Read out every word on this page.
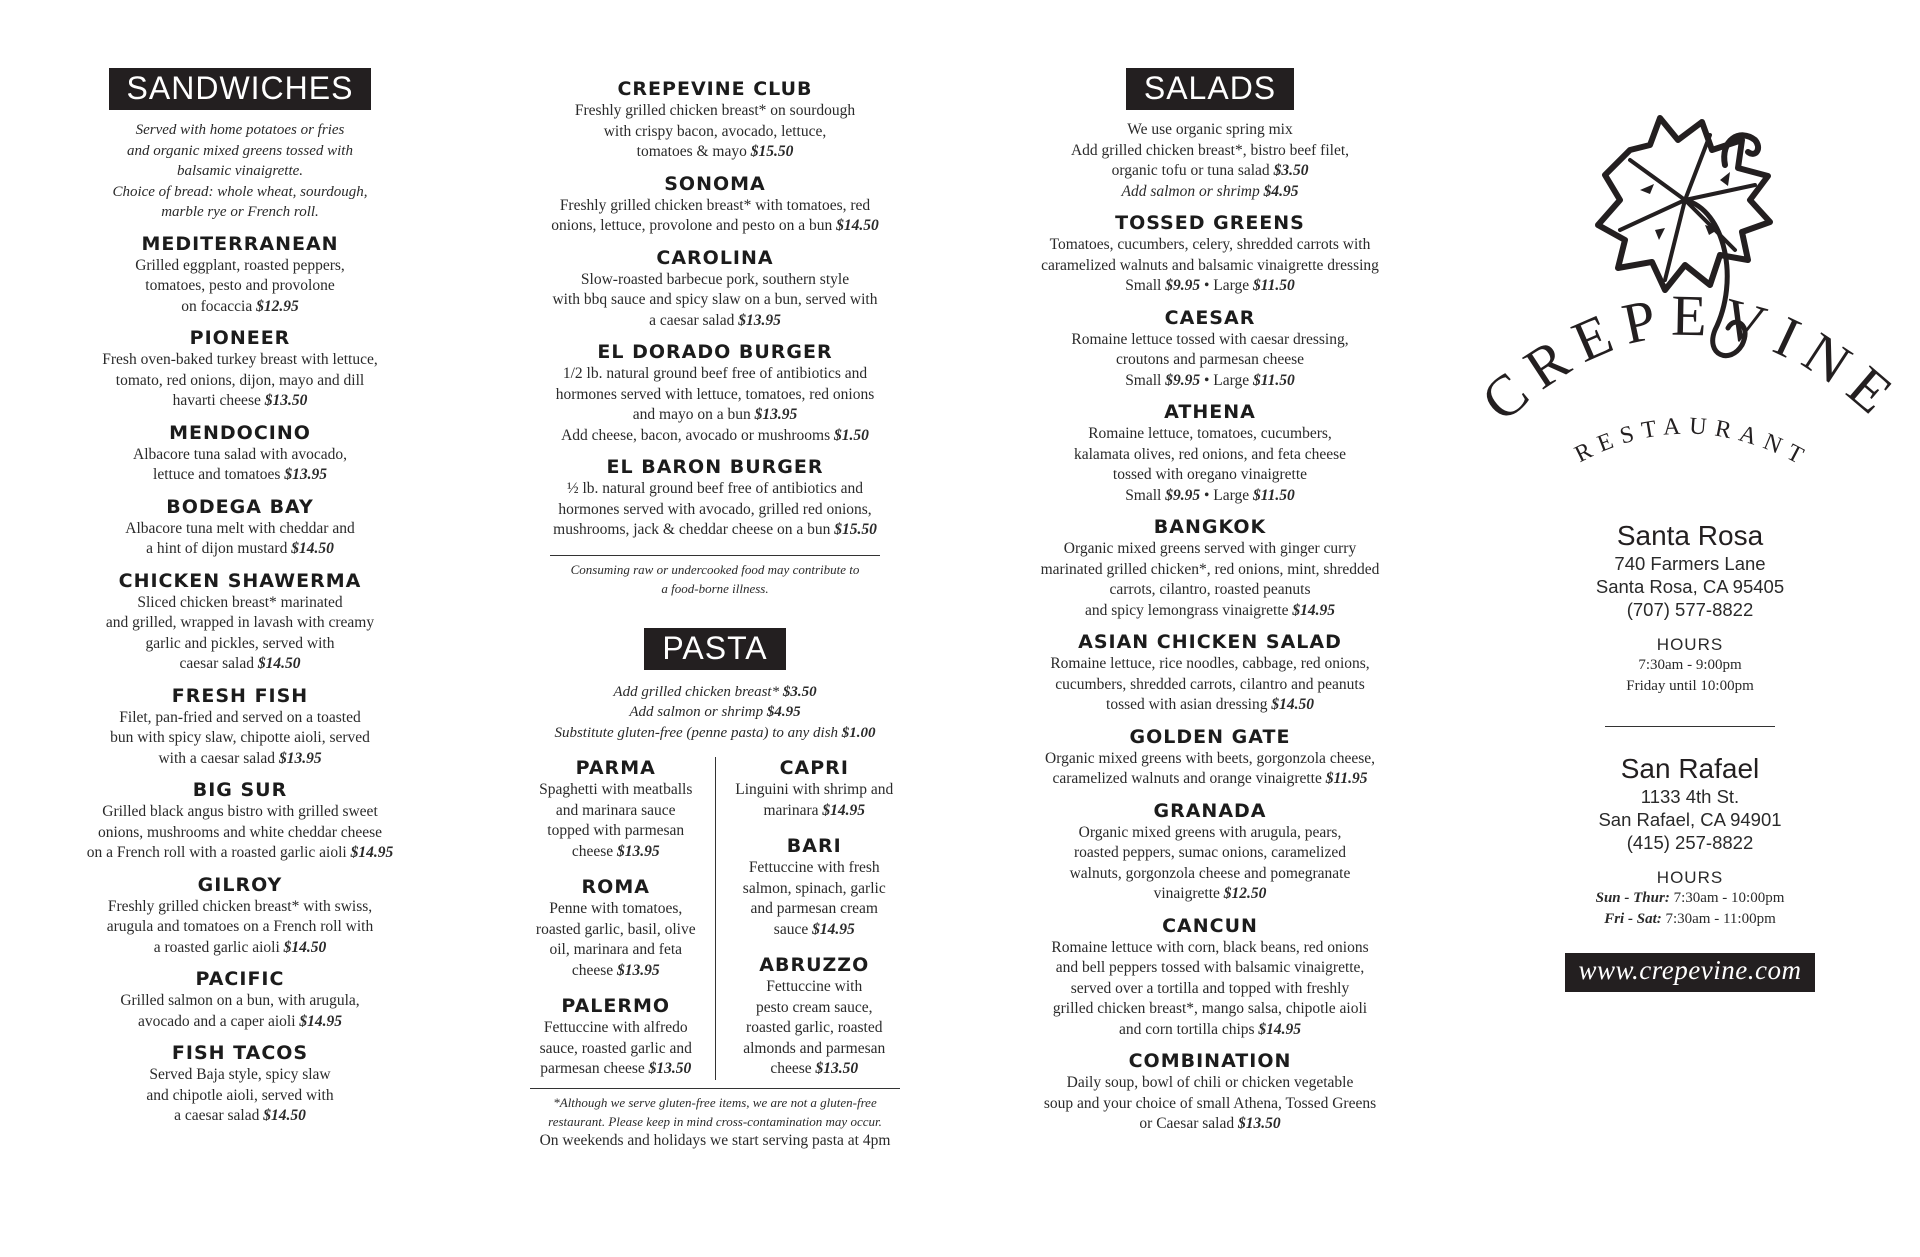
SANDWICHES
Served with home potatoes or fries
and organic mixed greens tossed with
balsamic vinaigrette.
Choice of bread: whole wheat, sourdough,
marble rye or French roll.
MEDITERRANEAN
Grilled eggplant, roasted peppers,
tomatoes, pesto and provolone
on focaccia $12.95
PIONEER
Fresh oven-baked turkey breast with lettuce,
tomato, red onions, dijon, mayo and dill
havarti cheese $13.50
MENDOCINO
Albacore tuna salad with avocado,
lettuce and tomatoes $13.95
BODEGA BAY
Albacore tuna melt with cheddar and
a hint of dijon mustard $14.50
CHICKEN SHAWERMA
Sliced chicken breast* marinated
and grilled, wrapped in lavash with creamy
garlic and pickles, served with
caesar salad $14.50
FRESH FISH
Filet, pan-fried and served on a toasted
bun with spicy slaw, chipotte aioli, served
with a caesar salad $13.95
BIG SUR
Grilled black angus bistro with grilled sweet
onions, mushrooms and white cheddar cheese
on a French roll with a roasted garlic aioli $14.95
GILROY
Freshly grilled chicken breast* with swiss,
arugula and tomatoes on a French roll with
a roasted garlic aioli $14.50
PACIFIC
Grilled salmon on a bun, with arugula,
avocado and a caper aioli $14.95
FISH TACOS
Served Baja style, spicy slaw
and chipotle aioli, served with
a caesar salad $14.50
CREPEVINE CLUB
Freshly grilled chicken breast* on sourdough
with crispy bacon, avocado, lettuce,
tomatoes & mayo $15.50
SONOMA
Freshly grilled chicken breast* with tomatoes, red
onions, lettuce, provolone and pesto on a bun $14.50
CAROLINA
Slow-roasted barbecue pork, southern style
with bbq sauce and spicy slaw on a bun, served with
a caesar salad $13.95
EL DORADO BURGER
1/2 lb. natural ground beef free of antibiotics and
hormones served with lettuce, tomatoes, red onions
and mayo on a bun $13.95
Add cheese, bacon, avocado or mushrooms $1.50
EL BARON BURGER
½ lb. natural ground beef free of antibiotics and
hormones served with avocado, grilled red onions,
mushrooms, jack & cheddar cheese on a bun $15.50
Consuming raw or undercooked food may contribute to
a food-borne illness.
PASTA
Add grilled chicken breast* $3.50
Add salmon or shrimp $4.95
Substitute gluten-free (penne pasta) to any dish $1.00
PARMA
Spaghetti with meatballs
and marinara sauce
topped with parmesan
cheese $13.95
ROMA
Penne with tomatoes,
roasted garlic, basil, olive
oil, marinara and feta
cheese $13.95
PALERMO
Fettuccine with alfredo
sauce, roasted garlic and
parmesan cheese $13.50
CAPRI
Linguini with shrimp and
marinara $14.95
BARI
Fettuccine with fresh
salmon, spinach, garlic
and parmesan cream
sauce $14.95
ABRUZZO
Fettuccine with
pesto cream sauce,
roasted garlic, roasted
almonds and parmesan
cheese $13.50
*Although we serve gluten-free items, we are not a gluten-free
restaurant. Please keep in mind cross-contamination may occur.
On weekends and holidays we start serving pasta at 4pm
SALADS
We use organic spring mix
Add grilled chicken breast*, bistro beef filet,
organic tofu or tuna salad $3.50
Add salmon or shrimp $4.95
TOSSED GREENS
Tomatoes, cucumbers, celery, shredded carrots with
caramelized walnuts and balsamic vinaigrette dressing
Small $9.95 • Large $11.50
CAESAR
Romaine lettuce tossed with caesar dressing,
croutons and parmesan cheese
Small $9.95 • Large $11.50
ATHENA
Romaine lettuce, tomatoes, cucumbers,
kalamata olives, red onions, and feta cheese
tossed with oregano vinaigrette
Small $9.95 • Large $11.50
BANGKOK
Organic mixed greens served with ginger curry
marinated grilled chicken*, red onions, mint, shredded
carrots, cilantro, roasted peanuts
and spicy lemongrass vinaigrette $14.95
ASIAN CHICKEN SALAD
Romaine lettuce, rice noodles, cabbage, red onions,
cucumbers, shredded carrots, cilantro and peanuts
tossed with asian dressing $14.50
GOLDEN GATE
Organic mixed greens with beets, gorgonzola cheese,
caramelized walnuts and orange vinaigrette $11.95
GRANADA
Organic mixed greens with arugula, pears,
roasted peppers, sumac onions, caramelized
walnuts, gorgonzola cheese and pomegranate
vinaigrette $12.50
CANCUN
Romaine lettuce with corn, black beans, red onions
and bell peppers tossed with balsamic vinaigrette,
served over a tortilla and topped with freshly
grilled chicken breast*, mango salsa, chipotle aioli
and corn tortilla chips $14.95
COMBINATION
Daily soup, bowl of chili or chicken vegetable
soup and your choice of small Athena, Tossed Greens
or Caesar salad $13.50
REPEVIN
RESTAURANT
Santa Rosa
740 Farmers Lane
Santa Rosa, CA 95405
(707) 577-8822
HOURS
7:30am - 9:00pm
Friday until 10:00pm
San Rafael
1133 4th St.
San Rafael, CA 94901
(415) 257-8822
HOURS
Sun - Thur: 7:30am - 10:00pm
Fri - Sat: 7:30am - 11:00pm
www.crepevine.com
